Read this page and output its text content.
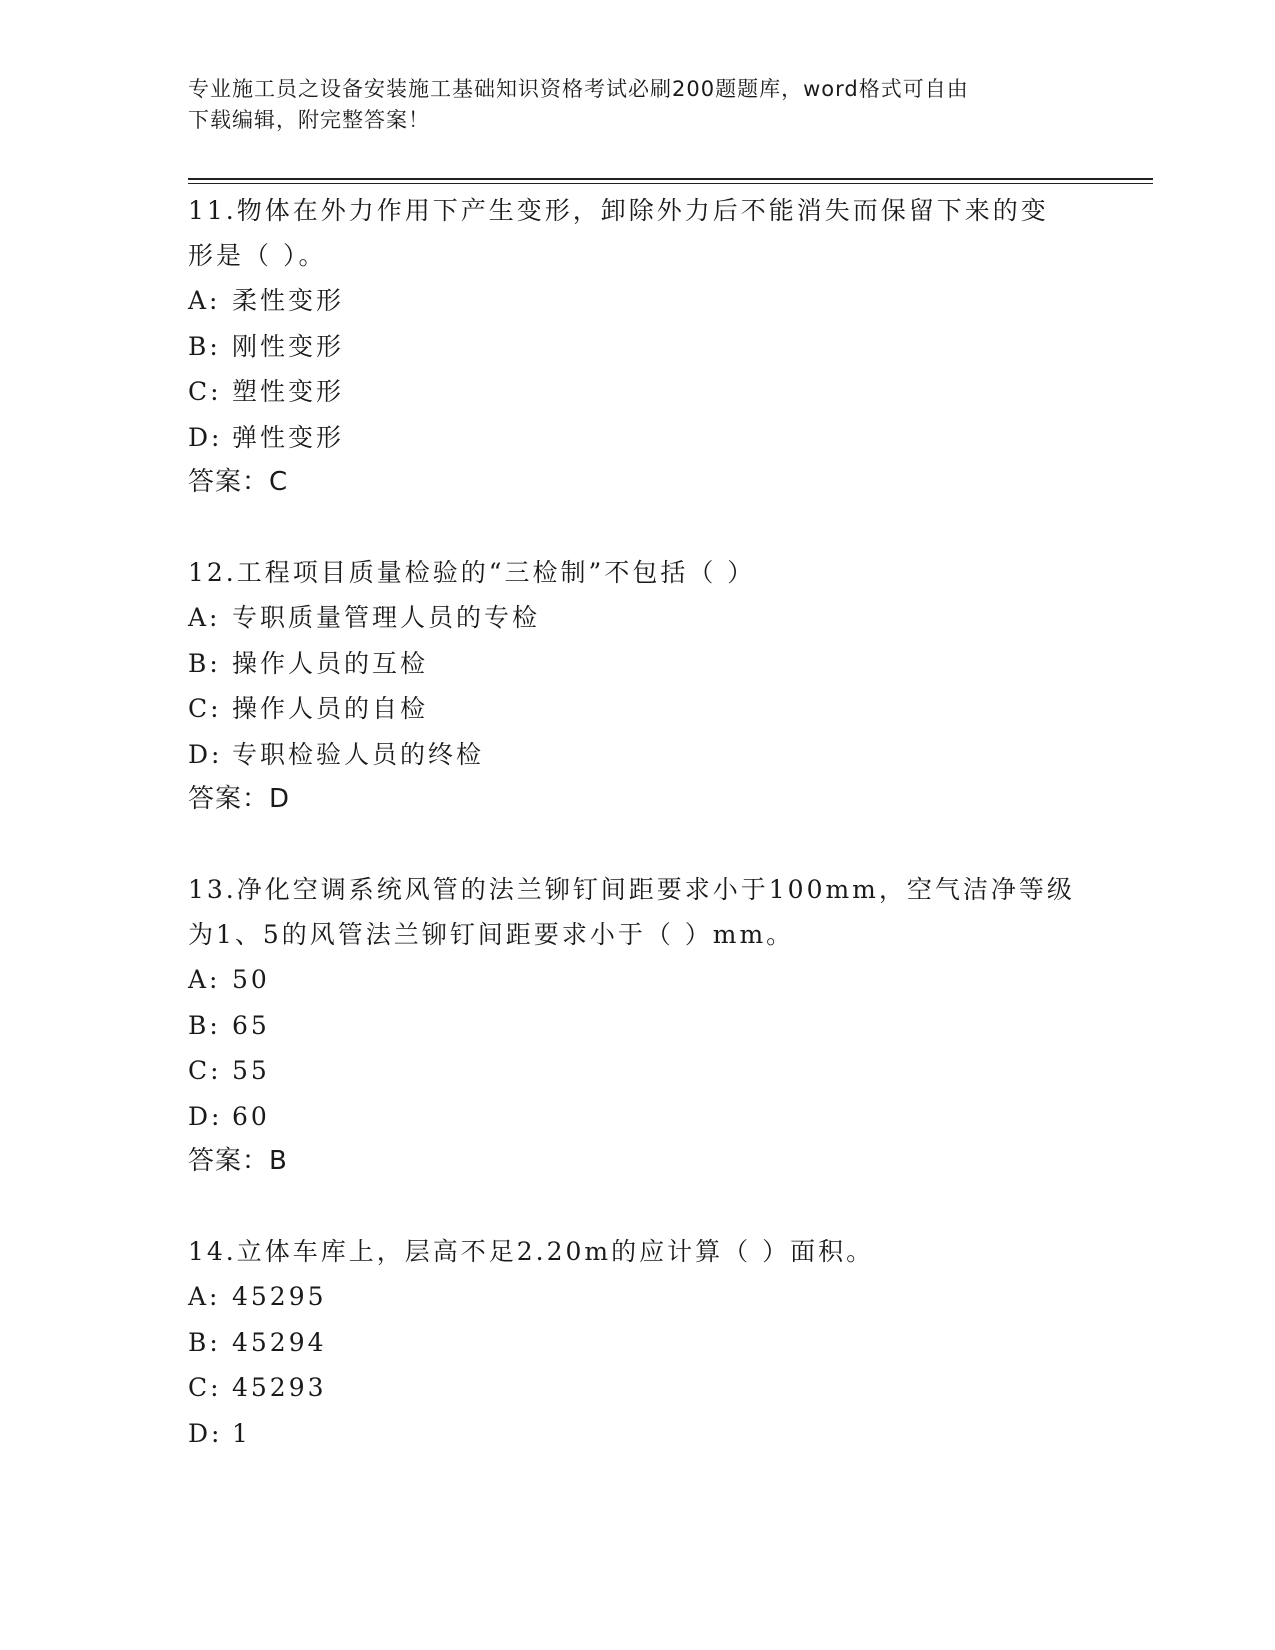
专业施工员之设备安装施工基础知识资格考试必刷200题题库，word格式可自由
下载编辑，附完整答案！

11.物体在外力作用下产生变形，卸除外力后不能消失而保留下来的变
形是（ ）。

A: 柔性变形

B: 刚性变形

C: 塑性变形

D: 弹性变形

答案：C

12.工程项目质量检验的“三检制”不包括（ ）

A: 专职质量管理人员的专检

B: 操作人员的互检

C: 操作人员的自检

D: 专职检验人员的终检

答案：D

13.净化空调系统风管的法兰铆钉间距要求小于100mm，空气洁净等级
为1、5的风管法兰铆钉间距要求小于（ ）mm。

A: 50

B: 65

C: 55

D: 60

答案：B

14.立体车库上，层高不足2.20m的应计算（ ）面积。

A: 45295

B: 45294

C: 45293

D: 1
